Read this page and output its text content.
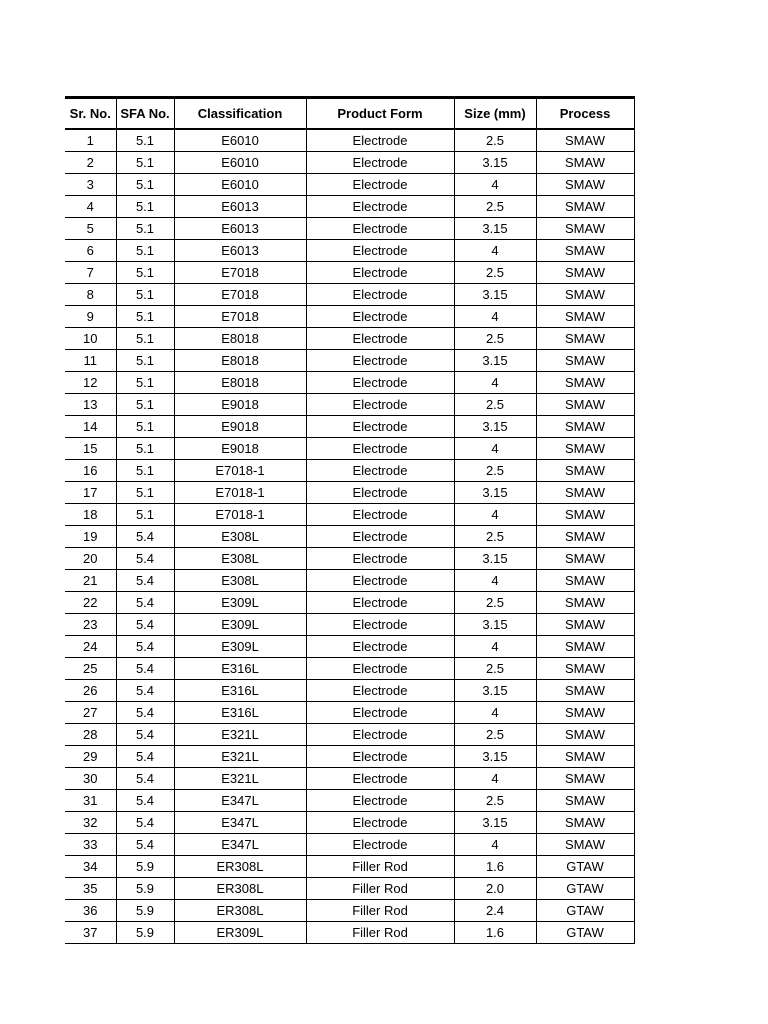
Sr. No.	SFA No.	Classification	Product Form	Size (mm)	Process
1	5.1	E6010	Electrode	2.5	SMAW
2	5.1	E6010	Electrode	3.15	SMAW
3	5.1	E6010	Electrode	4	SMAW
4	5.1	E6013	Electrode	2.5	SMAW
5	5.1	E6013	Electrode	3.15	SMAW
6	5.1	E6013	Electrode	4	SMAW
7	5.1	E7018	Electrode	2.5	SMAW
8	5.1	E7018	Electrode	3.15	SMAW
9	5.1	E7018	Electrode	4	SMAW
10	5.1	E8018	Electrode	2.5	SMAW
11	5.1	E8018	Electrode	3.15	SMAW
12	5.1	E8018	Electrode	4	SMAW
13	5.1	E9018	Electrode	2.5	SMAW
14	5.1	E9018	Electrode	3.15	SMAW
15	5.1	E9018	Electrode	4	SMAW
16	5.1	E7018-1	Electrode	2.5	SMAW
17	5.1	E7018-1	Electrode	3.15	SMAW
18	5.1	E7018-1	Electrode	4	SMAW
19	5.4	E308L	Electrode	2.5	SMAW
20	5.4	E308L	Electrode	3.15	SMAW
21	5.4	E308L	Electrode	4	SMAW
22	5.4	E309L	Electrode	2.5	SMAW
23	5.4	E309L	Electrode	3.15	SMAW
24	5.4	E309L	Electrode	4	SMAW
25	5.4	E316L	Electrode	2.5	SMAW
26	5.4	E316L	Electrode	3.15	SMAW
27	5.4	E316L	Electrode	4	SMAW
28	5.4	E321L	Electrode	2.5	SMAW
29	5.4	E321L	Electrode	3.15	SMAW
30	5.4	E321L	Electrode	4	SMAW
31	5.4	E347L	Electrode	2.5	SMAW
32	5.4	E347L	Electrode	3.15	SMAW
33	5.4	E347L	Electrode	4	SMAW
34	5.9	ER308L	Filler Rod	1.6	GTAW
35	5.9	ER308L	Filler Rod	2.0	GTAW
36	5.9	ER308L	Filler Rod	2.4	GTAW
37	5.9	ER309L	Filler Rod	1.6	GTAW
